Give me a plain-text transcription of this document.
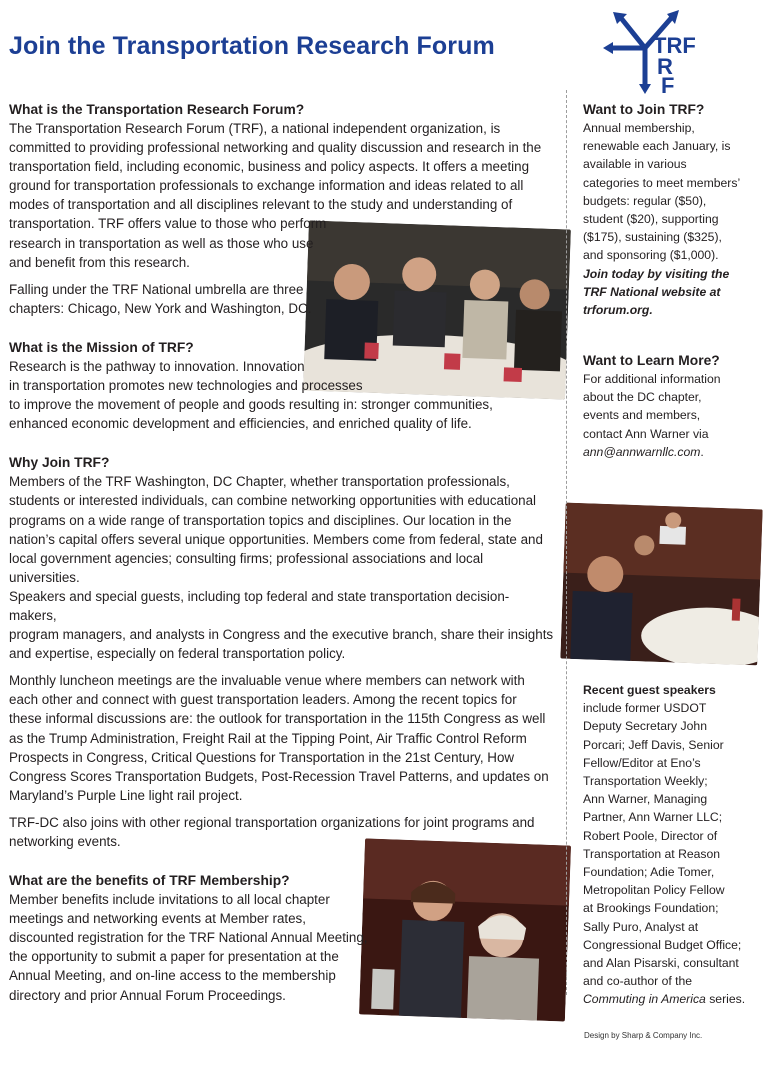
Join the Transportation Research Forum	TRF
R
F
What is the Transportation Research Forum?
The Transportation Research Forum (TRF), a national independent organization, is
committed to providing professional networking and quality discussion and research in the
transportation field, including economic, business and policy aspects. It offers a meeting
ground for transportation professionals to exchange information and ideas related to all
modes of transportation and all disciplines relevant to the study and understanding of
transportation. TRF offers value to those who perform
research in transportation as well as those who use
and benefit from this research.
Falling under the TRF National umbrella are three
chapters: Chicago, New York and Washington, DC.
What is the Mission of TRF?
Research is the pathway to innovation. Innovation
in transportation promotes new technologies and processes
to improve the movement of people and goods resulting in: stronger communities,
enhanced economic development and efficiencies, and enriched quality of life.
Why Join TRF?
Members of the TRF Washington, DC Chapter, whether transportation professionals,
students or interested individuals, can combine networking opportunities with educational
programs on a wide range of transportation topics and disciplines. Our location in the
nation’s capital offers several unique opportunities. Members come from federal, state and
local government agencies; consulting firms; professional associations and local universities.
Speakers and special guests, including top federal and state transportation decision-makers,
program managers, and analysts in Congress and the executive branch, share their insights
and expertise, especially on federal transportation policy.
Monthly luncheon meetings are the invaluable venue where members can network with
each other and connect with guest transportation leaders. Among the recent topics for
these informal discussions are: the outlook for transportation in the 115th Congress as well
as the Trump Administration, Freight Rail at the Tipping Point, Air Traffic Control Reform
Prospects in Congress, Critical Questions for Transportation in the 21st Century, How
Congress Scores Transportation Budgets, Post-Recession Travel Patterns, and updates on
Maryland’s Purple Line light rail project.
TRF-DC also joins with other regional transportation organizations for joint programs and
networking events.
What are the benefits of TRF Membership?
Member benefits include invitations to all local chapter
meetings and networking events at Member rates,
discounted registration for the TRF National Annual Meeting,
the opportunity to submit a paper for presentation at the
Annual Meeting, and on-line access to the membership
directory and prior Annual Forum Proceedings.
Want to Join TRF?
Annual membership,
renewable each January, is
available in various
categories to meet members’
budgets: regular ($50),
student ($20), supporting
($175), sustaining ($325),
and sponsoring ($1,000).
Join today by visiting the
TRF National website at
trforum.org.
Want to Learn More?
For additional information
about the DC chapter,
events and members,
contact Ann Warner via
ann@annwarnllc.com.
Recent guest speakers
include former USDOT
Deputy Secretary John
Porcari; Jeff Davis, Senior
Fellow/Editor at Eno’s
Transportation Weekly;
Ann Warner, Managing
Partner, Ann Warner LLC;
Robert Poole, Director of
Transportation at Reason
Foundation; Adie Tomer,
Metropolitan Policy Fellow
at Brookings Foundation;
Sally Puro, Analyst at
Congressional Budget Office;
and Alan Pisarski, consultant
and co-author of the
Commuting in America series.
Design by Sharp & Company Inc.
